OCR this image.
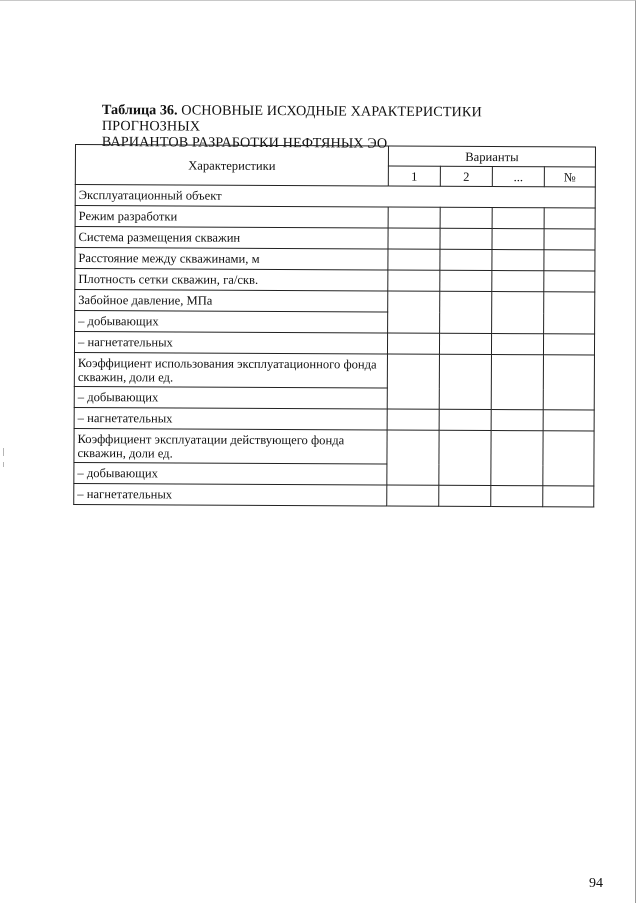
Таблица 36. ОСНОВНЫЕ ИСХОДНЫЕ ХАРАКТЕРИСТИКИ ПРОГНОЗНЫХ
ВАРИАНТОВ РАЗРАБОТКИ НЕФТЯНЫХ ЭО
Характеристики	Варианты			
	1	2	...	№
Эксплуатационный объект				
Режим разработки				
Система размещения скважин				
Расстояние между скважинами, м				
Плотность сетки скважин, га/скв.				
Забойное давление, МПа				
– добывающих				
– нагнетательных				
Коэффициент использования эксплуатационного фонда скважин, доли ед.				
– добывающих				
– нагнетательных				
Коэффициент эксплуатации действующего фонда скважин, доли ед.				
– добывающих				
– нагнетательных				
94
